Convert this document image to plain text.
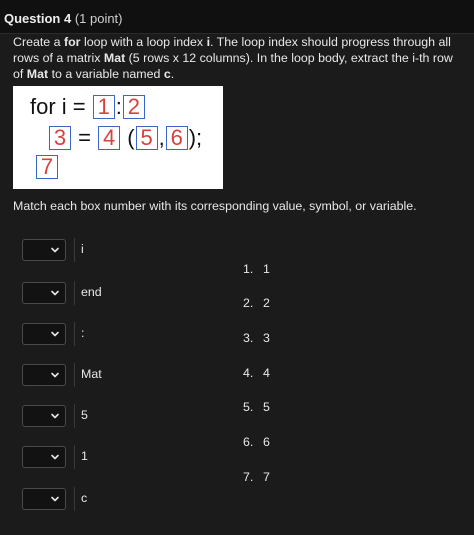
Question 4 (1 point)
Create a for loop with a loop index i. The loop index should progress through all rows of a matrix Mat (5 rows x 12 columns). In the loop body, extract the i-th row of Mat to a variable named c.
for i = 1 : 2
3 = 4 ( 5 , 6 );
7
Match each box number with its corresponding value, symbol, or variable.
i
end
:
Mat
5
1
c
1. 1
2. 2
3. 3
4. 4
5. 5
6. 6
7. 7
